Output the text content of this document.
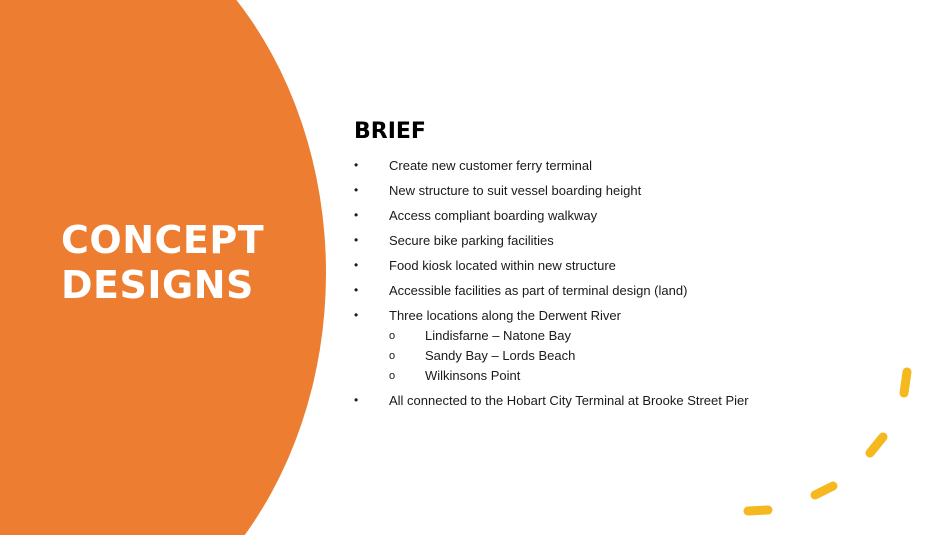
CONCEPT
DESIGNS
BRIEF
•	Create new customer ferry terminal
•	New structure to suit vessel boarding height
•	Access compliant boarding walkway
•	Secure bike parking facilities
•	Food kiosk located within new structure
•	Accessible facilities as part of terminal design (land)
•	Three locations along the Derwent River
o Lindisfarne – Natone Bay
o Sandy Bay – Lords Beach
o Wilkinsons Point
•	All connected to the Hobart City Terminal at Brooke Street Pier
